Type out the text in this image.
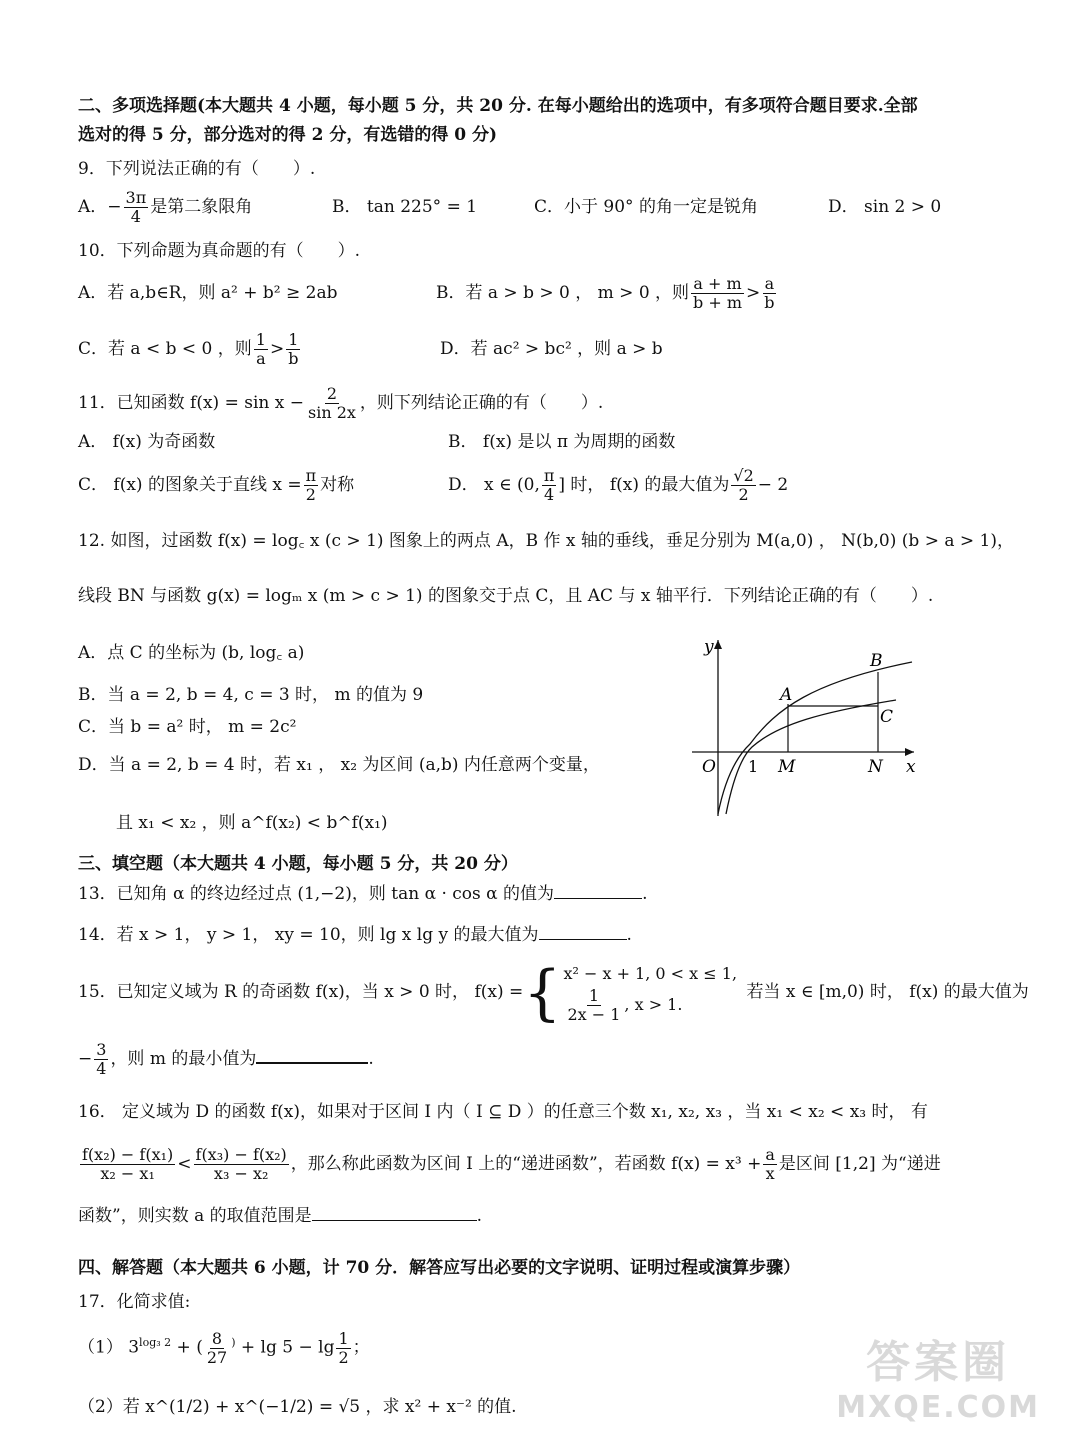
二、多项选择题(本大题共 4 小题，每小题 5 分，共 20 分. 在每小题给出的选项中，有多项符合题目要求.全部
选对的得 5 分，部分选对的得 2 分，有选错的得 0 分)
9．下列说法正确的有（　　）.
A．− $\frac{3\pi}{4}$ 是第二象限角	B． tan 225° = 1	C．小于 90° 的角一定是锐角	D． sin 2 > 0
10．下列命题为真命题的有（　　）.
A．若 a,b∈R，则 a² + b² ≥ 2ab	B．若 a > b > 0 ， m > 0 ，则 $\frac{a + m}{b + m} > \frac{a}{b}$
C．若 a < b < 0 ，则 $\frac{1}{a} > \frac{1}{b}$	D．若 ac² > bc² ，则 a > b
11．已知函数 $f(x) = \sin x - \frac{2}{\sin 2x}$ ，则下列结论正确的有（　　）.
A． f(x) 为奇函数	B． f(x) 是以 π 为周期的函数
C． f(x) 的图象关于直线 $x = \frac{\pi}{2}$ 对称	D． x ∈ (0, $\frac{\pi}{4}$ ] 时， f(x) 的最大值为 $\frac{√2}{2} - 2$
12. 如图，过函数 f(x) = log꜀ x (c > 1) 图象上的两点 A，B 作 x 轴的垂线，垂足分别为 M(a,0) ， N(b,0) (b > a > 1)，
线段 BN 与函数 g(x) = logₘ x (m > c > 1) 的图象交于点 C，且 AC 与 x 轴平行．下列结论正确的有（　　）.
A．点 C 的坐标为 (b, log꜀ a)
B．当 a = 2, b = 4, c = 3 时， m 的值为 9
C．当 b = a² 时， m = 2c²
D．当 a = 2, b = 4 时，若 x₁ ， x₂ 为区间 (a,b) 内任意两个变量，
且 x₁ < x₂ ，则 a^f(x₂) < b^f(x₁)
y
x
O 1 M	N
A
B
C
三、填空题（本大题共 4 小题，每小题 5 分，共 20 分）
13．已知角 α 的终边经过点 (1,−2)，则 tan α · cos α 的值为	.
14．若 x > 1， y > 1， xy = 10，则 lg x lg y 的最大值为	.
15．已知定义域为 R 的奇函数 f(x)，当 x > 0 时， f(x) ={ x² − x + 1, 0 < x ≤ 1,
$\frac{1}{2x - 1}$ , x > 1.
若当 x ∈ [m,0) 时， f(x) 的最大值为
− $\frac{3}{4}$ ，则 m 的最小值为	.
16． 定义域为 D 的函数 f(x)，如果对于区间 I 内（ I ⊆ D ）的任意三个数 x₁, x₂, x₃ ，当 x₁ < x₂ < x₃ 时， 有
$\frac{\text{f(x₂) − f(x₁)}}{\text{x₂ − x₁}} < \frac{\text{f(x₃) − f(x₂)}}{\text{x₃ − x₂}}$ ，那么称此函数为区间 I 上的“递进函数”，若函数 $f(x) = x^3 + \frac{a}{x}$ 是区间 [1,2] 为“递进
函数”，则实数 a 的取值范围是	.
四、解答题（本大题共 6 小题，计 70 分．解答应写出必要的文字说明、证明过程或演算步骤）
17．化简求值:
（1） $3^{log_3 2}$ + ( $\frac{8}{27} ^) + \lg 5 - \lg \frac{1}{2}$ ；
（2）若 x^(1/2) + x^(−1/2) = √5 ，求 x² + x⁻² 的值.
答案圈
MXQE.COM
